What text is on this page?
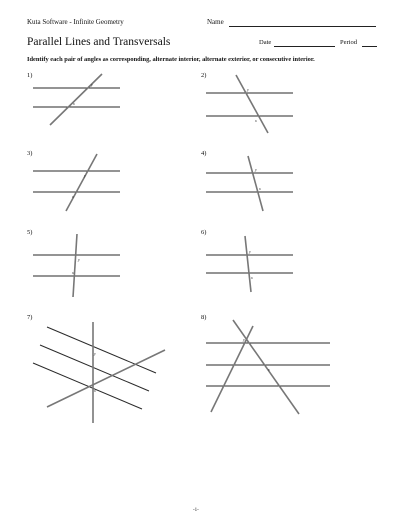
Kuta Software - Infinite Geometry	Name
Parallel Lines and Transversals	Date	Period
Identify each pair of angles as corresponding, alternate interior, alternate exterior, or consecutive interior.
1)	2)
3)	4)
5)	6)
7)	8)
y
x
y
x
y
x
y
x
y
x
y
x
y
x
y
x
-1-
